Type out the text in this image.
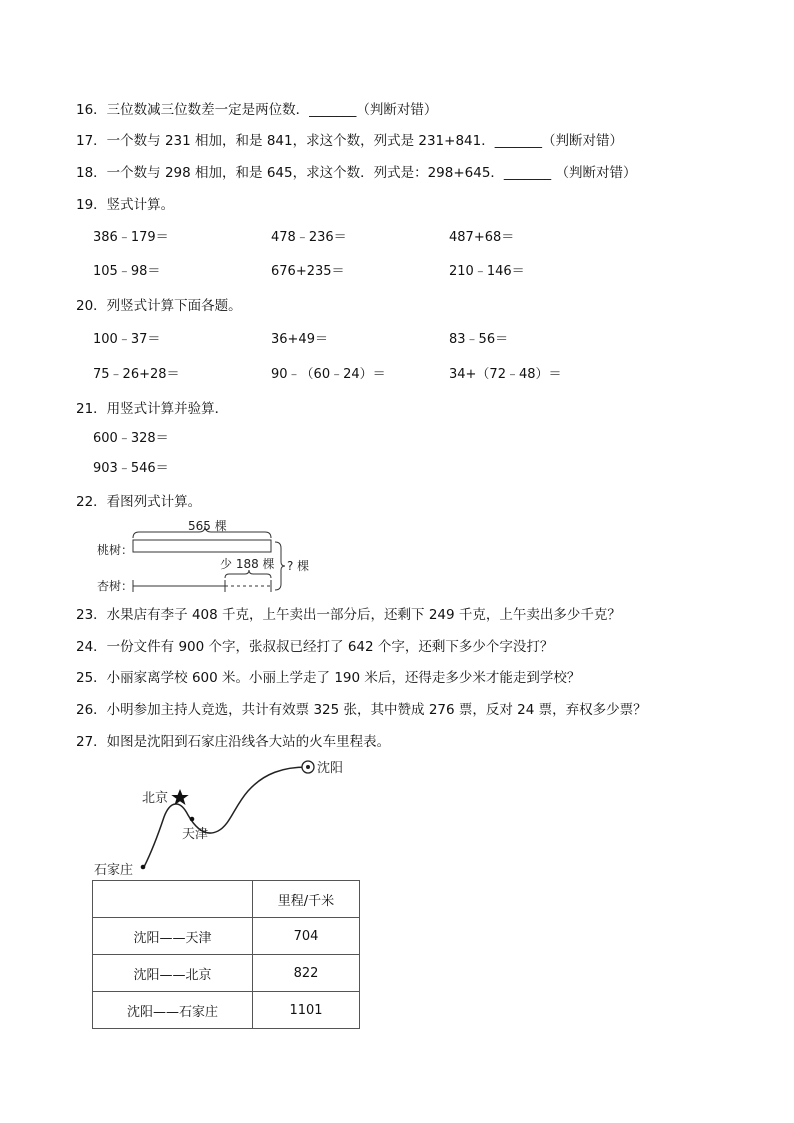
16．三位数减三位数差一定是两位数．_______（判断对错）
17．一个数与 231 相加，和是 841，求这个数，列式是 231+841．_______（判断对错）
18．一个数与 298 相加，和是 645，求这个数．列式是：298+645．_______ （判断对错）
19．竖式计算。
386﹣179＝	478﹣236＝	487+68＝
105﹣98＝	676+235＝	210﹣146＝
20．列竖式计算下面各题。
100﹣37＝	36+49＝	83﹣56＝
75﹣26+28＝	90﹣（60﹣24）＝	34+（72﹣48）＝
21．用竖式计算并验算．
600﹣328＝
903﹣546＝
22．看图列式计算。
565 棵
桃树：
杏树：
少 188 棵 ? 棵
23．水果店有李子 408 千克，上午卖出一部分后，还剩下 249 千克，上午卖出多少千克？
24．一份文件有 900 个字，张叔叔已经打了 642 个字，还剩下多少个字没打？
25．小丽家离学校 600 米。小丽上学走了 190 米后，还得走多少米才能走到学校？
26．小明参加主持人竞选，共计有效票 325 张，其中赞成 276 票，反对 24 票，弃权多少票？
27．如图是沈阳到石家庄沿线各大站的火车里程表。
沈阳
北京
天津
石家庄
	里程/千米
沈阳——天津	704
沈阳——北京	822
沈阳——石家庄	1101
